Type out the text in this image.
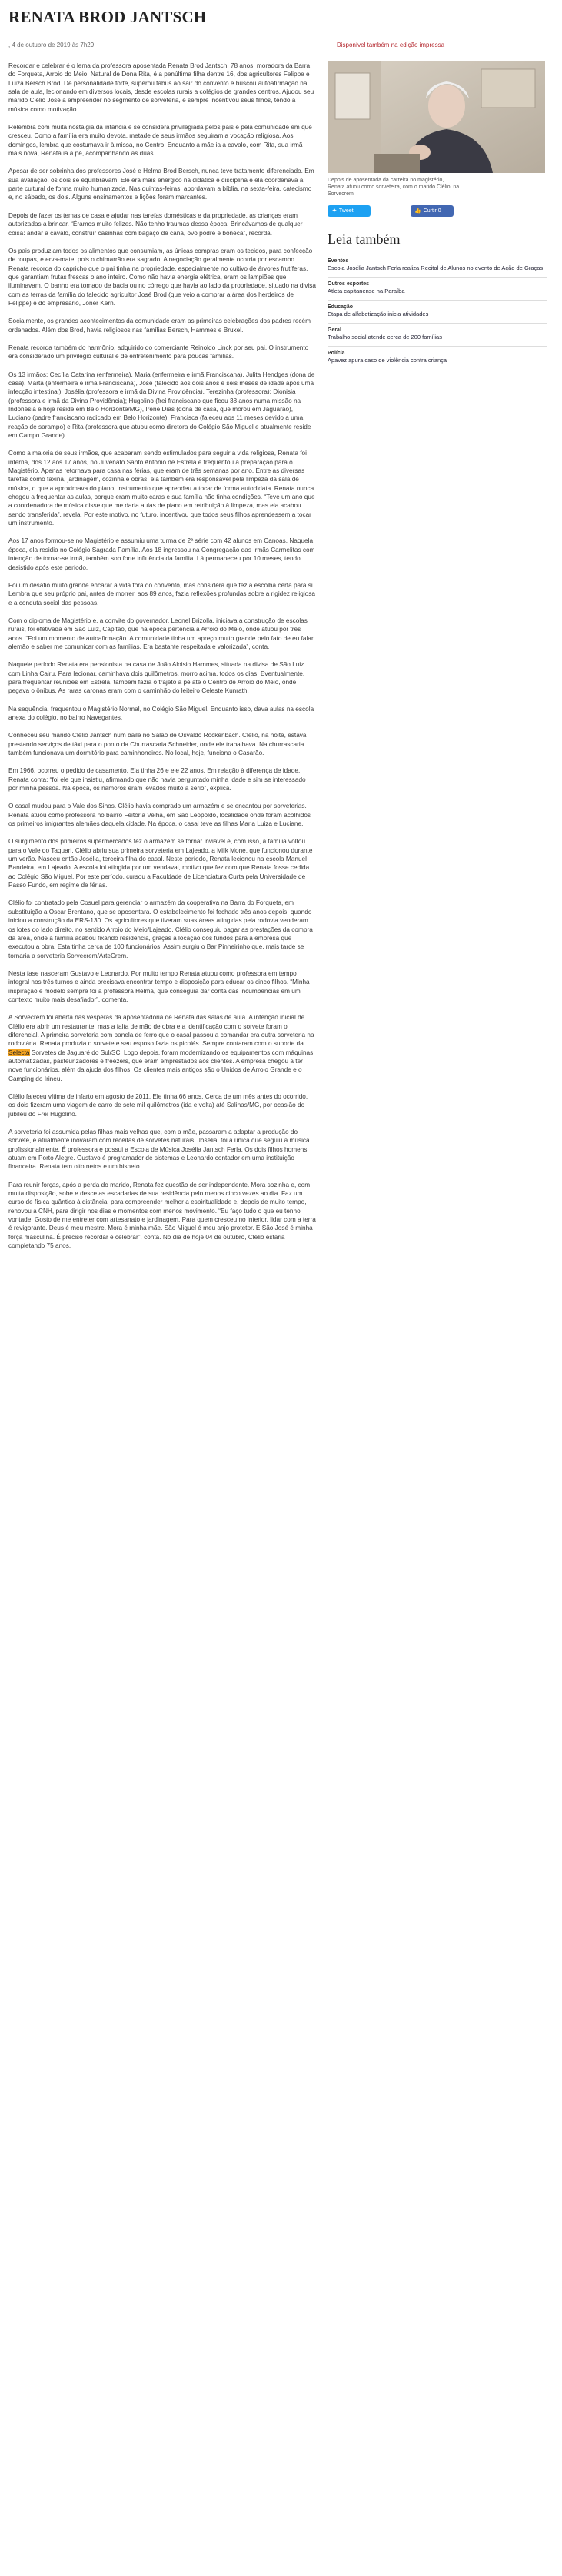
RENATA BROD JANTSCH
, 4 de outubro de 2019 às 7h29	Disponível também na edição impressa

Recordar e celebrar é o lema da professora aposentada Renata Brod Jantsch, 78 anos, moradora da Barra do Forqueta, Arroio do Meio. Natural de Dona Rita, é a penúltima filha dentre 16, dos agricultores Felippe e Luiza Bersch Brod. De personalidade forte, superou tabus ao sair do convento e buscou autoafirmação na sala de aula, lecionando em diversos locais, desde escolas rurais a colégios de grandes centros. Ajudou seu marido Clélio José a empreender no segmento de sorveteria, e sempre incentivou seus filhos, tendo a música como motivação.

Relembra com muita nostalgia da infância e se considera privilegiada pelos pais e pela comunidade em que cresceu. Como a família era muito devota, metade de seus irmãos seguiram a vocação religiosa. Aos domingos, lembra que costumava ir à missa, no Centro. Enquanto a mãe ia a cavalo, com Rita, sua irmã mais nova, Renata ia a pé, acompanhando as duas.

Apesar de ser sobrinha dos professores José e Helma Brod Bersch, nunca teve tratamento diferenciado. Em sua avaliação, os dois se equilibravam. Ele era mais enérgico na didática e disciplina e ela coordenava a parte cultural de forma muito humanizada. Nas quintas-feiras, abordavam a bíblia, na sexta-feira, catecismo e, no sábado, os dois. Alguns ensinamentos e lições foram marcantes.

Depois de fazer os temas de casa e ajudar nas tarefas domésticas e da propriedade, as crianças eram autorizadas a brincar. “Éramos muito felizes. Não tenho traumas dessa época. Brincávamos de qualquer coisa: andar a cavalo, construir casinhas com bagaço de cana, ovo podre e boneca”, recorda.

Os pais produziam todos os alimentos que consumiam, as únicas compras eram os tecidos, para confecção de roupas, e erva-mate, pois o chimarrão era sagrado. A negociação geralmente ocorria por escambo. Renata recorda do capricho que o pai tinha na propriedade, especialmente no cultivo de árvores frutíferas, que garantiam frutas frescas o ano inteiro. Como não havia energia elétrica, eram os lampiões que iluminavam. O banho era tomado de bacia ou no córrego que havia ao lado da propriedade, situado na divisa com as terras da família do falecido agricultor José Brod (que veio a comprar a área dos herdeiros de Felippe) e do empresário, Joner Kern.

Socialmente, os grandes acontecimentos da comunidade eram as primeiras celebrações dos padres recém ordenados. Além dos Brod, havia religiosos nas famílias Bersch, Hammes e Bruxel.

Renata recorda também do harmônio, adquirido do comerciante Reinoldo Linck por seu pai. O instrumento era considerado um privilégio cultural e de entretenimento para poucas famílias.

Os 13 irmãos: Cecília Catarina (enfermeira), Maria (enfermeira e irmã Franciscana), Julita Hendges (dona de casa), Marta (enfermeira e irmã Franciscana), José (falecido aos dois anos e seis meses de idade após uma infecção intestinal), Josélia (professora e irmã da Divina Providência), Terezinha (professora); Dionisia (professora e irmã da Divina Providência); Hugolino (frei franciscano que ficou 38 anos numa missão na Indonésia e hoje reside em Belo Horizonte/MG), Irene Dias (dona de casa, que morou em Jaguarão), Luciano (padre franciscano radicado em Belo Horizonte), Francisca (faleceu aos 11 meses devido a uma reação de sarampo) e Rita (professora que atuou como diretora do Colégio São Miguel e atualmente reside em Campo Grande).

Como a maioria de seus irmãos, que acabaram sendo estimulados para seguir a vida religiosa, Renata foi interna, dos 12 aos 17 anos, no Juvenato Santo Antônio de Estrela e frequentou a preparação para o Magistério. Apenas retornava para casa nas férias, que eram de três semanas por ano. Entre as diversas tarefas como faxina, jardinagem, cozinha e obras, ela também era responsável pela limpeza da sala de música, o que a aproximava do piano, instrumento que aprendeu a tocar de forma autodidata. Renata nunca chegou a frequentar as aulas, porque eram muito caras e sua família não tinha condições. “Teve um ano que a coordenadora de música disse que me daria aulas de piano em retribuição à limpeza, mas ela acabou sendo transferida”, revela. Por este motivo, no futuro, incentivou que todos seus filhos aprendessem a tocar um instrumento.

Aos 17 anos formou-se no Magistério e assumiu uma turma de 2ª série com 42 alunos em Canoas. Naquela época, ela residia no Colégio Sagrada Família. Aos 18 ingressou na Congregação das Irmãs Carmelitas com intenção de tornar-se irmã, também sob forte influência da família. Lá permaneceu por 10 meses, tendo desistido após este período.

Foi um desafio muito grande encarar a vida fora do convento, mas considera que fez a escolha certa para si. Lembra que seu próprio pai, antes de morrer, aos 89 anos, fazia reflexões profundas sobre a rigidez religiosa e a conduta social das pessoas.

Com o diploma de Magistério e, a convite do governador, Leonel Brizolla, iniciava a construção de escolas rurais, foi efetivada em São Luiz, Capitão, que na época pertencia a Arroio do Meio, onde atuou por três anos. “Foi um momento de autoafirmação. A comunidade tinha um apreço muito grande pelo fato de eu falar alemão e saber me comunicar com as famílias. Era bastante respeitada e valorizada”, conta.

Naquele período Renata era pensionista na casa de João Aloisio Hammes, situada na divisa de São Luiz com Linha Cairu. Para lecionar, caminhava dois quilômetros, morro acima, todos os dias. Eventualmente, para frequentar reuniões em Estrela, também fazia o trajeto a pé até o Centro de Arroio do Meio, onde pegava o ônibus. As raras caronas eram com o caminhão do leiteiro Celeste Kunrath.

Na sequência, frequentou o Magistério Normal, no Colégio São Miguel. Enquanto isso, dava aulas na escola anexa do colégio, no bairro Navegantes.

Conheceu seu marido Clélio Jantsch num baile no Salão de Osvaldo Rockenbach. Clélio, na noite, estava prestando serviços de táxi para o ponto da Churrascaria Schneider, onde ele trabalhava. Na churrascaria também funcionava um dormitório para caminhoneiros. No local, hoje, funciona o Casarão.

Em 1966, ocorreu o pedido de casamento. Ela tinha 26 e ele 22 anos. Em relação à diferença de idade, Renata conta: “foi ele que insistiu, afirmando que não havia perguntado minha idade e sim se interessado por minha pessoa. Na época, os namoros eram levados muito a sério”, explica.

O casal mudou para o Vale dos Sinos. Clélio havia comprado um armazém e se encantou por sorveterias. Renata atuou como professora no bairro Feitoria Velha, em São Leopoldo, localidade onde foram acolhidos os primeiros imigrantes alemães daquela cidade. Na época, o casal teve as filhas Maria Luiza e Luciane.

O surgimento dos primeiros supermercados fez o armazém se tornar inviável e, com isso, a família voltou para o Vale do Taquari. Clélio abriu sua primeira sorveteria em Lajeado, a Milk Mone, que funcionou durante um verão. Nasceu então Josélia, terceira filha do casal. Neste período, Renata lecionou na escola Manuel Bandeira, em Lajeado. A escola foi atingida por um vendaval, motivo que fez com que Renata fosse cedida ao Colégio São Miguel. Por este período, cursou a Faculdade de Licenciatura Curta pela Universidade de Passo Fundo, em regime de férias.

Clélio foi contratado pela Cosuel para gerenciar o armazém da cooperativa na Barra do Forqueta, em substituição a Oscar Brentano, que se aposentara. O estabelecimento foi fechado três anos depois, quando iniciou a construção da ERS-130. Os agricultores que tiveram suas áreas atingidas pela rodovia venderam os lotes do lado direito, no sentido Arroio do Meio/Lajeado. Clélio conseguiu pagar as prestações da compra da área, onde a família acabou fixando residência, graças à locação dos fundos para a empresa que executou a obra. Esta tinha cerca de 100 funcionários. Assim surgiu o Bar Pinheirinho que, mais tarde se tornaria a sorveteria Sorvecrem/ArteCrem.

Nesta fase nasceram Gustavo e Leonardo. Por muito tempo Renata atuou como professora em tempo integral nos três turnos e ainda precisava encontrar tempo e disposição para educar os cinco filhos. “Minha inspiração é modelo sempre foi a professora Helma, que conseguia dar conta das incumbências em um contexto muito mais desafiador”, comenta.

A Sorvecrem foi aberta nas vésperas da aposentadoria de Renata das salas de aula. A intenção inicial de Clélio era abrir um restaurante, mas a falta de mão de obra e a identificação com o sorvete foram o diferencial. A primeira sorveteria com panela de ferro que o casal passou a comandar era outra sorveteria na rodoviária. Renata produzia o sorvete e seu esposo fazia os picolés. Sempre contaram com o suporte da Selecta Sorvetes de Jaguaré do Sul/SC. Logo depois, foram modernizando os equipamentos com máquinas automatizadas, pasteurizadores e freezers, que eram emprestados aos clientes. A empresa chegou a ter nove funcionários, além da ajuda dos filhos. Os clientes mais antigos são o Unidos de Arroio Grande e o Camping do Irineu.

Clélio faleceu vítima de infarto em agosto de 2011. Ele tinha 66 anos. Cerca de um mês antes do ocorrido, os dois fizeram uma viagem de carro de sete mil quilômetros (ida e volta) até Salinas/MG, por ocasião do jubileu do Frei Hugolino.

A sorveteria foi assumida pelas filhas mais velhas que, com a mãe, passaram a adaptar a produção do sorvete, e atualmente inovaram com receitas de sorvetes naturais. Josélia, foi a única que seguiu a música profissionalmente. É professora e possui a Escola de Música Josélia Jantsch Ferla. Os dois filhos homens atuam em Porto Alegre. Gustavo é programador de sistemas e Leonardo contador em uma instituição financeira. Renata tem oito netos e um bisneto.

Para reunir forças, após a perda do marido, Renata fez questão de ser independente. Mora sozinha e, com muita disposição, sobe e desce as escadarias de sua residência pelo menos cinco vezes ao dia. Faz um curso de física quântica à distância, para compreender melhor a espiritualidade e, depois de muito tempo, renovou a CNH, para dirigir nos dias e momentos com menos movimento. “Eu faço tudo o que eu tenho vontade. Gosto de me entreter com artesanato e jardinagem. Para quem cresceu no interior, lidar com a terra é revigorante. Deus é meu mestre. Mora é minha mãe. São Miguel é meu anjo protetor. E São José é minha força masculina. É preciso recordar e celebrar”, conta. No dia de hoje 04 de outubro, Clélio estaria completando 75 anos.

Depois de aposentada da carreira no magistério, Renata atuou como sorveteira, com o marido Clélio, na Sorvecrem
✦ Tweet	👍 Curtir 0
Leia também
Eventos
Escola Josélia Jantsch Ferla realiza Recital de Alunos no evento de Ação de Graças
Outros esportes
Atleta capitanense na Paraíba
Educação
Etapa de alfabetização inicia atividades
Geral
Trabalho social atende cerca de 200 famílias
Polícia
Apavez apura caso de violência contra criança
